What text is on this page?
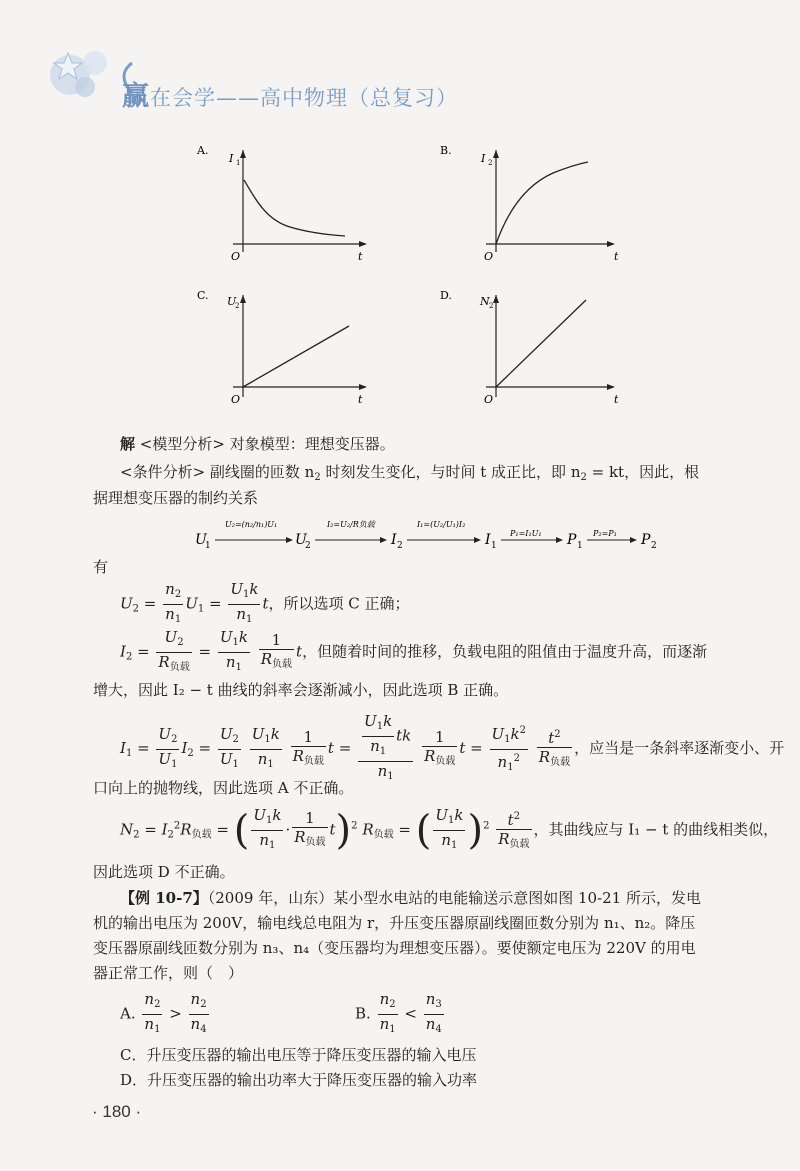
赢在会学——高中物理（总复习）
A.
I 1
O	t
B.
I 2
O	t
C. U
2
O	t
D.	N 2
O	t
解 <模型分析> 对象模型：理想变压器。
<条件分析> 副线圈的匝数 $n_2$ 时刻发生变化，与时间 t 成正比，即 $n_2$ = kt，因此，根
据理想变压器的制约关系
U
1
U₂=(n₂/n₁)U₁
U
2
I₂=U₂/R负载
I 2
I₁=(U₂/U₁)I₂
I 1
P₁=I₁U₁ P 1
P₂=P₁ P 2
有
$U_2 = \frac{n_2}{n_1} U_1 = \frac{U_1k}{n_1}$ t，所以选项 C 正确；
$I_2 = \frac{U_2}{R_{负载}} = \frac{U_1k}{n_1}$
$\frac{1}{R_{负载}}$ t，但随着时间的推移，负载电阻的阻值由于温度升高，而逐渐
增大，因此 I₂ − t 曲线的斜率会逐渐减小，因此选项 B 正确。
$I_1 = \frac{U_2}{U_1} I_2 = \frac{U_2}{U_1}$
$\frac{U_1k}{n_1}$
$\frac{1}{R_{负载}}$ $t = \frac{\frac{U_1k}{n_1} tk}{n_1}$
$\frac{1}{R_{负载}}$ $t = \frac{U_1k^2}{n_1^2}$
$\frac{t^2}{R_{负载}}$ ，应当是一条斜率逐渐变小、开
口向上的抛物线，因此选项 A 不正确。
$N_2 = I_2^2R_{负载}$ = ( $\frac{U_1k}{n_1} \cdot \frac{1}{R_{负载}} t)^2$ $R_{负载}$ = ( $\frac{U_1k}{n_1} )^2 \frac{t^2}{R_{负载}}$ ，其曲线应与 I₁ − t 的曲线相类似，
因此选项 D 不正确。
【例 10-7】（2009 年，山东）某小型水电站的电能输送示意图如图 10-21 所示，发电
机的输出电压为 200V，输电线总电阻为 r，升压变压器原副线圈匝数分别为 n₁、n₂。降压
变压器原副线匝数分别为 n₃、n₄（变压器均为理想变压器）。要使额定电压为 220V 的用电
器正常工作，则（　）
A. $\frac{n_2}{n_1} > \frac{n_2}{n_4}$	B. $\frac{n_2}{n_1} < \frac{n_3}{n_4}$
C．升压变压器的输出电压等于降压变压器的输入电压
D．升压变压器的输出功率大于降压变压器的输入功率
· 180 ·
